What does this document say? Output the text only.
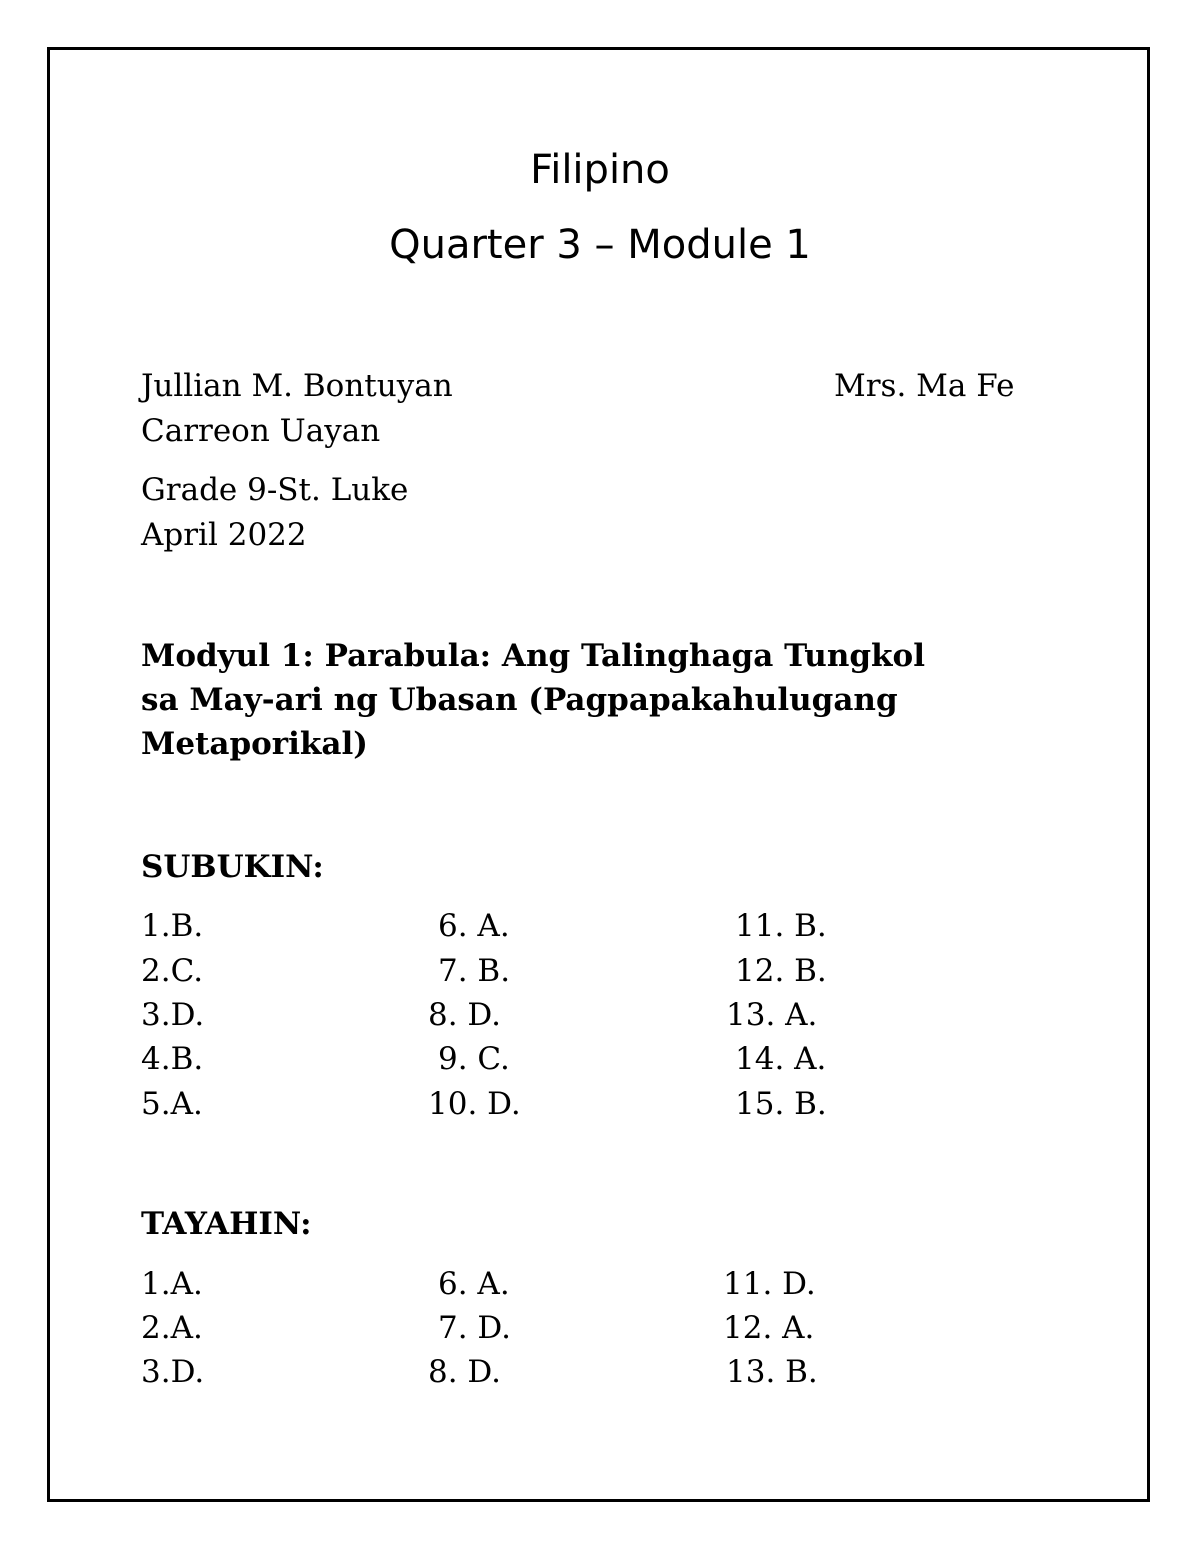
Filipino
Quarter 3 – Module 1
Jullian M. Bontuyan	Mrs. Ma Fe
Carreon Uayan
Grade 9-St. Luke
April 2022
Modyul 1: Parabula: Ang Talinghaga Tungkol
sa May-ari ng Ubasan (Pagpapakahulugang
Metaporikal)
SUBUKIN:
1.B.
2.C.
3.D.
4.B.
5.A.
6. A.
7. B.
8. D.
9. C.
10. D.
11. B.
12. B.
13. A.
14. A.
15. B.
TAYAHIN:
1.A.
2.A.
3.D.
6. A.
7. D.
8. D.
11. D.
12. A.
13. B.
